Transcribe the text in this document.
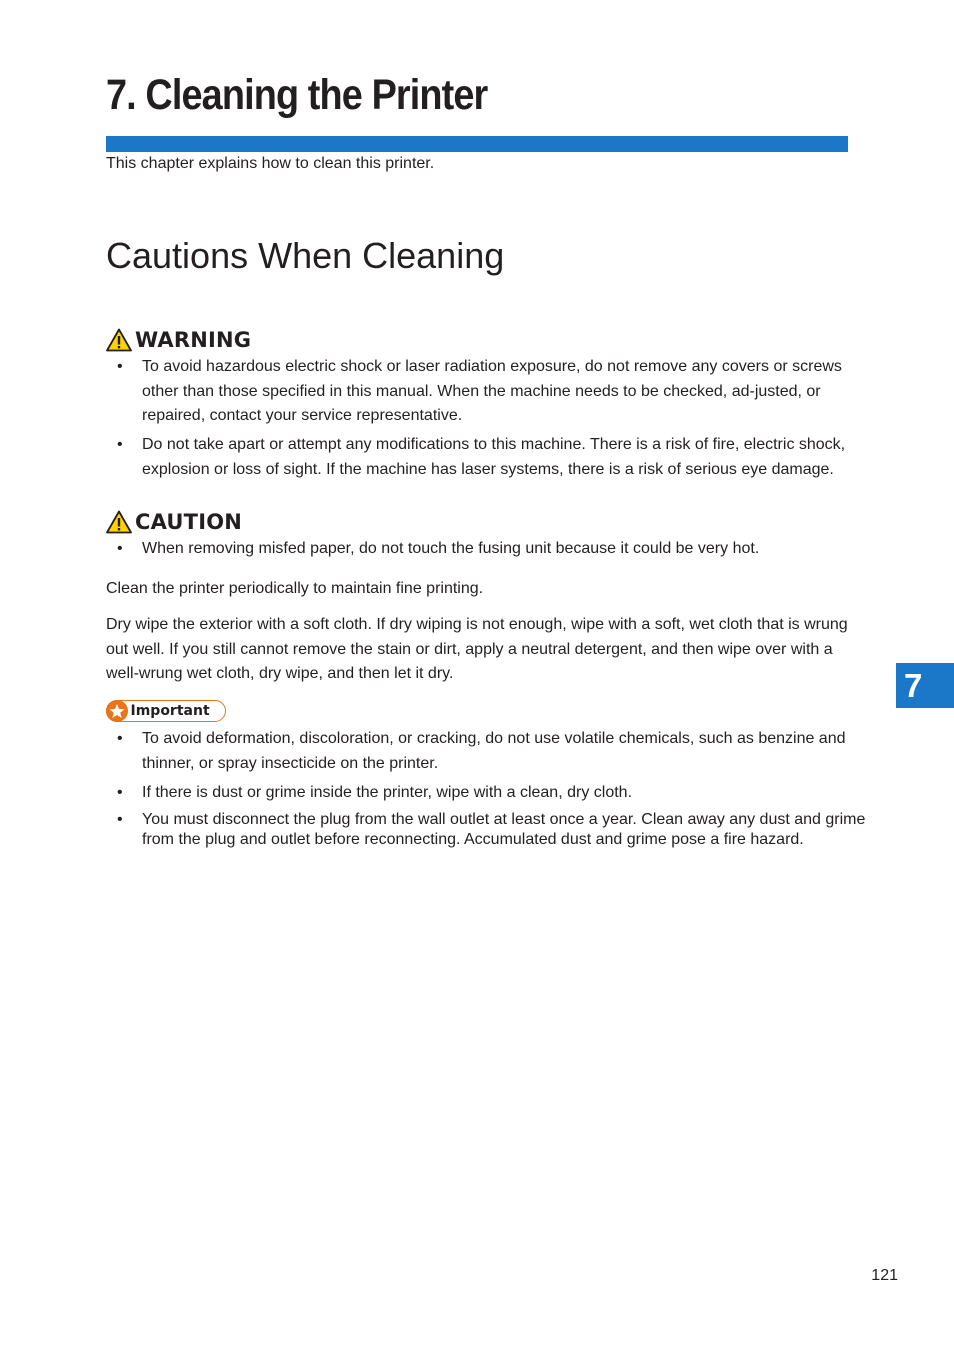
7. Cleaning the Printer

This chapter explains how to clean this printer.

Cautions When Cleaning
WARNING
• To avoid hazardous electric shock or laser radiation exposure, do not remove any covers or screws other than those specified in this manual. When the machine needs to be checked, ad-justed, or repaired, contact your service representative.
• Do not take apart or attempt any modifications to this machine. There is a risk of fire, electric shock, explosion or loss of sight. If the machine has laser systems, there is a risk of serious eye damage.
CAUTION
• When removing misfed paper, do not touch the fusing unit because it could be very hot.

Clean the printer periodically to maintain fine printing.

Dry wipe the exterior with a soft cloth. If dry wiping is not enough, wipe with a soft, wet cloth that is wrung out well. If you still cannot remove the stain or dirt, apply a neutral detergent, and then wipe over with a well-wrung wet cloth, dry wipe, and then let it dry.

Important
• To avoid deformation, discoloration, or cracking, do not use volatile chemicals, such as benzine and thinner, or spray insecticide on the printer.
• If there is dust or grime inside the printer, wipe with a clean, dry cloth.
• You must disconnect the plug from the wall outlet at least once a year. Clean away any dust and grime from the plug and outlet before reconnecting. Accumulated dust and grime pose a fire hazard.
7
121
